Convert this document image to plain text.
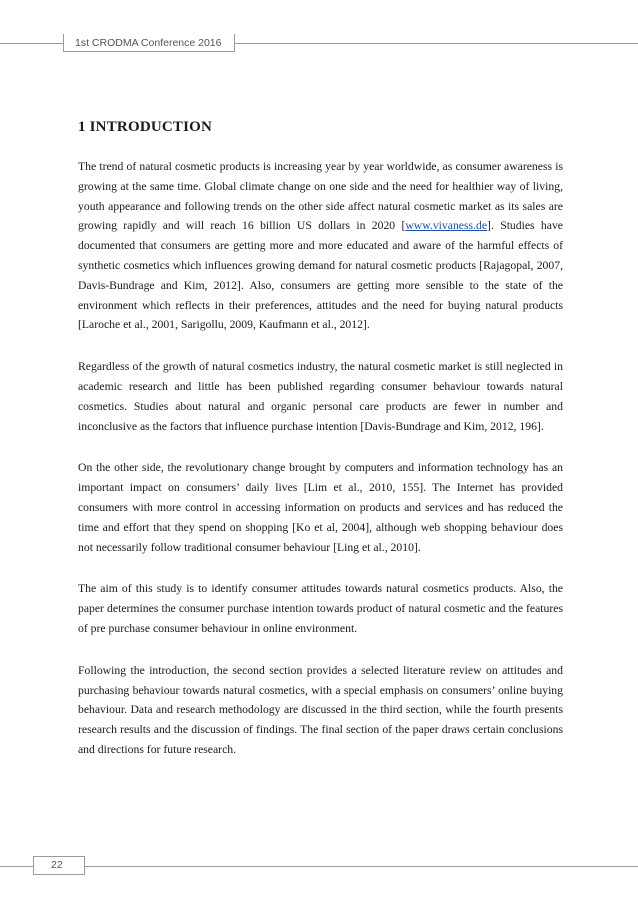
1st CRODMA Conference 2016
1 INTRODUCTION

The trend of natural cosmetic products is increasing year by year worldwide, as consumer awareness is growing at the same time. Global climate change on one side and the need for healthier way of living, youth appearance and following trends on the other side affect natural cosmetic market as its sales are growing rapidly and will reach 16 billion US dollars in 2020 [www.vivaness.de]. Studies have documented that consumers are getting more and more educated and aware of the harmful effects of synthetic cosmetics which influences growing demand for natural cosmetic products [Rajagopal, 2007, Davis-Bundrage and Kim, 2012]. Also, consumers are getting more sensible to the state of the environment which reflects in their preferences, attitudes and the need for buying natural products [Laroche et al., 2001, Sarigollu, 2009, Kaufmann et al., 2012].

Regardless of the growth of natural cosmetics industry, the natural cosmetic market is still neglected in academic research and little has been published regarding consumer behaviour towards natural cosmetics. Studies about natural and organic personal care products are fewer in number and inconclusive as the factors that influence purchase intention [Davis-Bundrage and Kim, 2012, 196].

On the other side, the revolutionary change brought by computers and information technology has an important impact on consumers’ daily lives [Lim et al., 2010, 155]. The Internet has provided consumers with more control in accessing information on products and services and has reduced the time and effort that they spend on shopping [Ko et al, 2004], although web shopping behaviour does not necessarily follow traditional consumer behaviour [Ling et al., 2010].

The aim of this study is to identify consumer attitudes towards natural cosmetics products. Also, the paper determines the consumer purchase intention towards product of natural cosmetic and the features of pre purchase consumer behaviour in online environment.

Following the introduction, the second section provides a selected literature review on attitudes and purchasing behaviour towards natural cosmetics, with a special emphasis on consumers’ online buying behaviour. Data and research methodology are discussed in the third section, while the fourth presents research results and the discussion of findings. The final section of the paper draws certain conclusions and directions for future research.

22
